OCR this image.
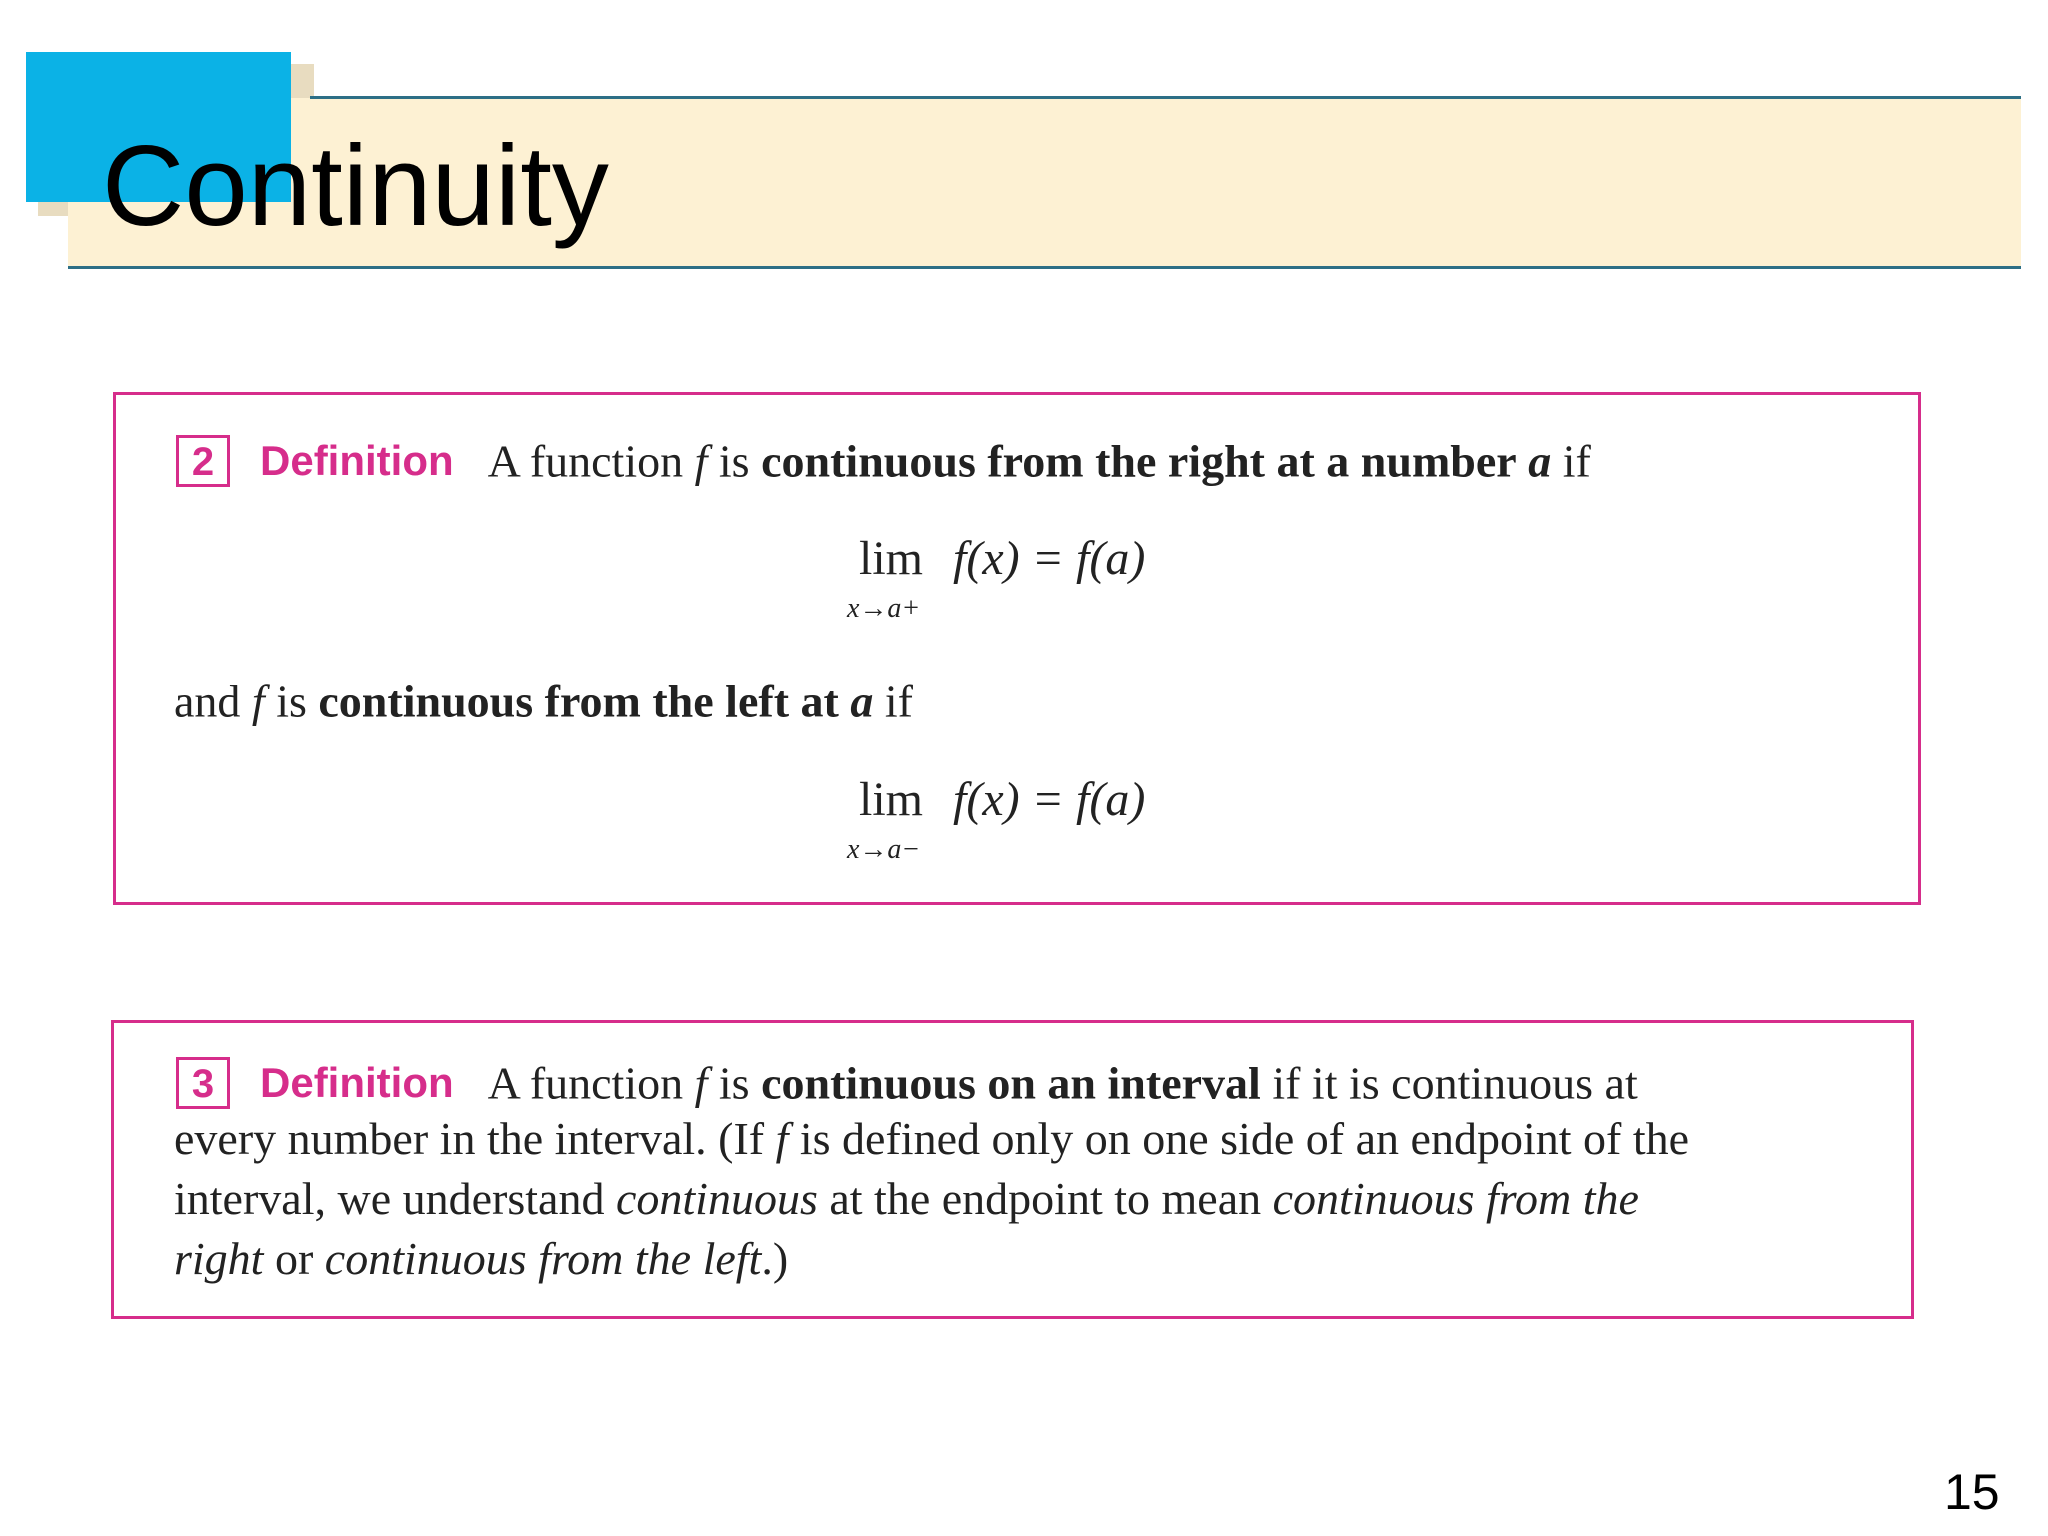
Continuity
2 Definition A function f is continuous from the right at a number a if
lim
x→a+
f(x) = f(a)
and f is continuous from the left at a if
lim
x→a−
f(x) = f(a)
3 Definition A function f is continuous on an interval if it is continuous at
every number in the interval. (If f is defined only on one side of an endpoint of the
interval, we understand continuous at the endpoint to mean continuous from the
right or continuous from the left.)
15
